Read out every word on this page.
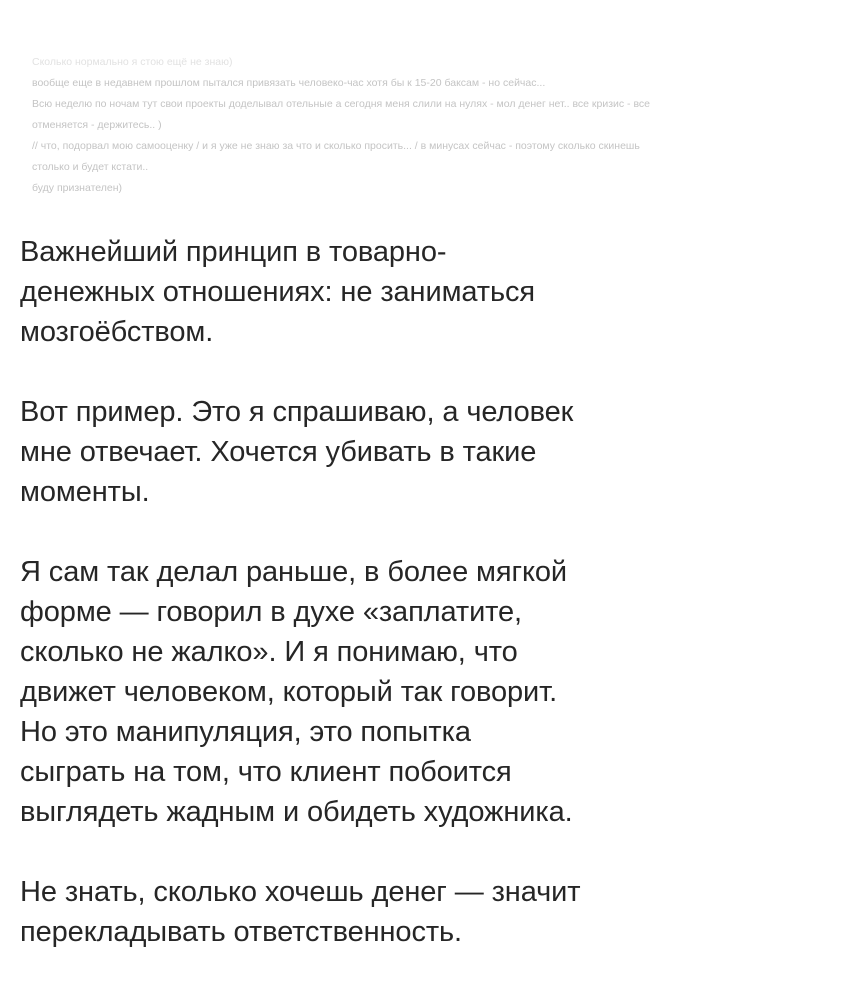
Сколько нормально я стою ещё не знаю)
вообще еще в недавнем прошлом пытался привязать человеко-час хотя бы к 15-20 баксам - но сейчас...
Всю неделю по ночам тут свои проекты доделывал отельные а сегодня меня слили на нулях - мол денег нет.. все кризис - все отменяется - держитесь.. )
// что, подорвал мою самооценку / и я уже не знаю за что и сколько просить... / в минусах сейчас - поэтому сколько скинешь столько и будет кстати..
буду признателен)

Важнейший принцип в товарно-
денежных отношениях: не заниматься
мозгоёбством.

Вот пример. Это я спрашиваю, а человек
мне отвечает. Хочется убивать в такие
моменты.

Я сам так делал раньше, в более мягкой
форме — говорил в духе «заплатите,
сколько не жалко». И я понимаю, что
движет человеком, который так говорит.
Но это манипуляция, это попытка
сыграть на том, что клиент побоится
выглядеть жадным и обидеть художника.

Не знать, сколько хочешь денег — значит
перекладывать ответственность.
